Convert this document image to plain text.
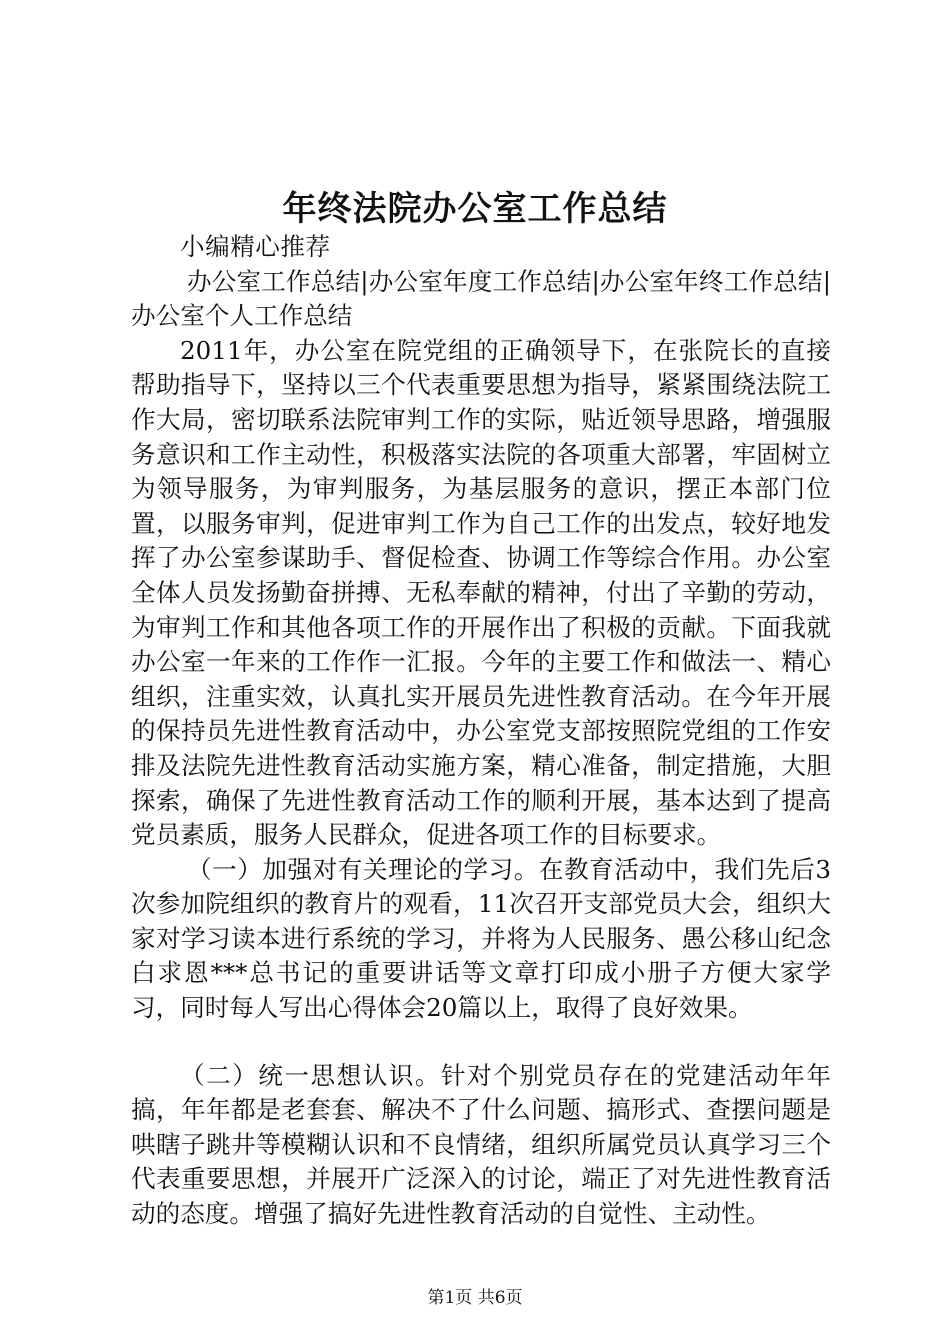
年终法院办公室工作总结

小编精心推荐

办公室工作总结|办公室年度工作总结|办公室年终工作总结|办公室个人工作总结

2011年，办公室在院党组的正确领导下，在张院长的直接帮助指导下，坚持以三个代表重要思想为指导，紧紧围绕法院工作大局，密切联系法院审判工作的实际，贴近领导思路，增强服务意识和工作主动性，积极落实法院的各项重大部署，牢固树立为领导服务，为审判服务，为基层服务的意识，摆正本部门位置，以服务审判，促进审判工作为自己工作的出发点，较好地发挥了办公室参谋助手、督促检查、协调工作等综合作用。办公室全体人员发扬勤奋拼搏、无私奉献的精神，付出了辛勤的劳动，为审判工作和其他各项工作的开展作出了积极的贡献。下面我就办公室一年来的工作作一汇报。今年的主要工作和做法一、精心组织，注重实效，认真扎实开展员先进性教育活动。在今年开展的保持员先进性教育活动中，办公室党支部按照院党组的工作安排及法院先进性教育活动实施方案，精心准备，制定措施，大胆探索，确保了先进性教育活动工作的顺利开展，基本达到了提高党员素质，服务人民群众，促进各项工作的目标要求。

（一）加强对有关理论的学习。在教育活动中，我们先后3次参加院组织的教育片的观看，11次召开支部党员大会，组织大家对学习读本进行系统的学习，并将为人民服务、愚公移山纪念白求恩***总书记的重要讲话等文章打印成小册子方便大家学习，同时每人写出心得体会20篇以上，取得了良好效果。

（二）统一思想认识。针对个别党员存在的党建活动年年搞，年年都是老套套、解决不了什么问题、搞形式、查摆问题是哄瞎子跳井等模糊认识和不良情绪，组织所属党员认真学习三个代表重要思想，并展开广泛深入的讨论，端正了对先进性教育活动的态度。增强了搞好先进性教育活动的自觉性、主动性。

第1页 共6页
